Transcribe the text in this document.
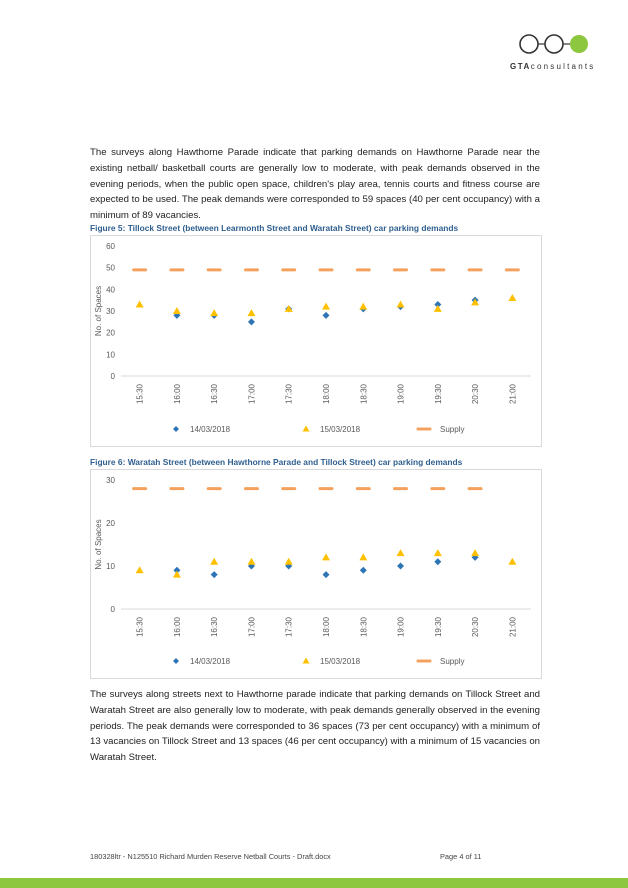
GTAconsultants
The surveys along Hawthorne Parade indicate that parking demands on Hawthorne Parade near the existing netball/ basketball courts are generally low to moderate, with peak demands observed in the evening periods, when the public open space, children's play area, tennis courts and fitness course are expected to be used. The peak demands were corresponded to 59 spaces (40 per cent occupancy) with a minimum of 89 vacancies.
Figure 5: Tillock Street (between Learmonth Street and Waratah Street) car parking demands
0
10
20
30
40
50
60
No. of Spaces
15:30	16:00	16:30	17:00	17:30	18:00	18:30	19:00	19:30	20:30	21:00
14/03/2018	15/03/2018	Supply
Figure 6: Waratah Street (between Hawthorne Parade and Tillock Street) car parking demands
0
10
20
30
No. of Spaces
15:30	16:00	16:30	17:00	17:30	18:00	18:30	19:00	19:30	20:30	21:00
14/03/2018	15/03/2018	Supply
The surveys along streets next to Hawthorne parade indicate that parking demands on Tillock Street and Waratah Street are also generally low to moderate, with peak demands generally observed in the evening periods. The peak demands were corresponded to 36 spaces (73 per cent occupancy) with a minimum of 13 vacancies on Tillock Street and 13 spaces (46 per cent occupancy) with a minimum of 15 vacancies on Waratah Street.
180328ltr - N125510 Richard Murden Reserve Netball Courts - Draft.docx	Page 4 of 11
